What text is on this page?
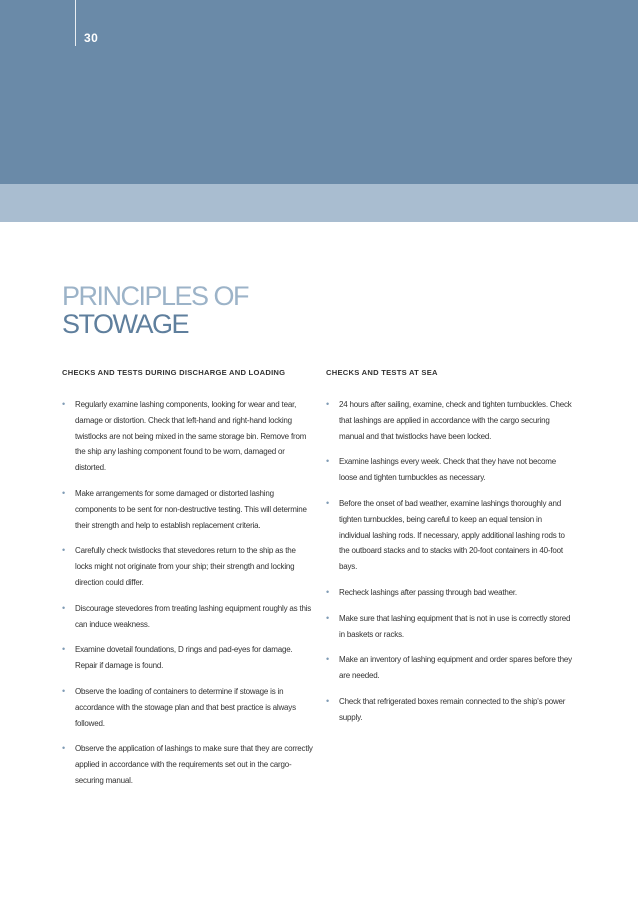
30
PRINCIPLES OF
STOWAGE
CHECKS AND TESTS DURING DISCHARGE AND LOADING
• Regularly examine lashing components, looking for wear and tear, damage or distortion. Check that left-hand and right-hand locking twistlocks are not being mixed in the same storage bin. Remove from the ship any lashing component found to be worn, damaged or distorted.
• Make arrangements for some damaged or distorted lashing components to be sent for non-destructive testing. This will determine their strength and help to establish replacement criteria.
• Carefully check twistlocks that stevedores return to the ship as the locks might not originate from your ship; their strength and locking direction could differ.
• Discourage stevedores from treating lashing equipment roughly as this can induce weakness.
• Examine dovetail foundations, D rings and pad-eyes for damage. Repair if damage is found.
• Observe the loading of containers to determine if stowage is in accordance with the stowage plan and that best practice is always followed.
• Observe the application of lashings to make sure that they are correctly applied in accordance with the requirements set out in the cargo-securing manual.
CHECKS AND TESTS AT SEA
• 24 hours after sailing, examine, check and tighten turnbuckles. Check that lashings are applied in accordance with the cargo securing manual and that twistlocks have been locked.
• Examine lashings every week. Check that they have not become loose and tighten turnbuckles as necessary.
• Before the onset of bad weather, examine lashings thoroughly and tighten turnbuckles, being careful to keep an equal tension in individual lashing rods. If necessary, apply additional lashing rods to the outboard stacks and to stacks with 20-foot containers in 40-foot bays.
• Recheck lashings after passing through bad weather.
• Make sure that lashing equipment that is not in use is correctly stored in baskets or racks.
• Make an inventory of lashing equipment and order spares before they are needed.
• Check that refrigerated boxes remain connected to the ship's power supply.
